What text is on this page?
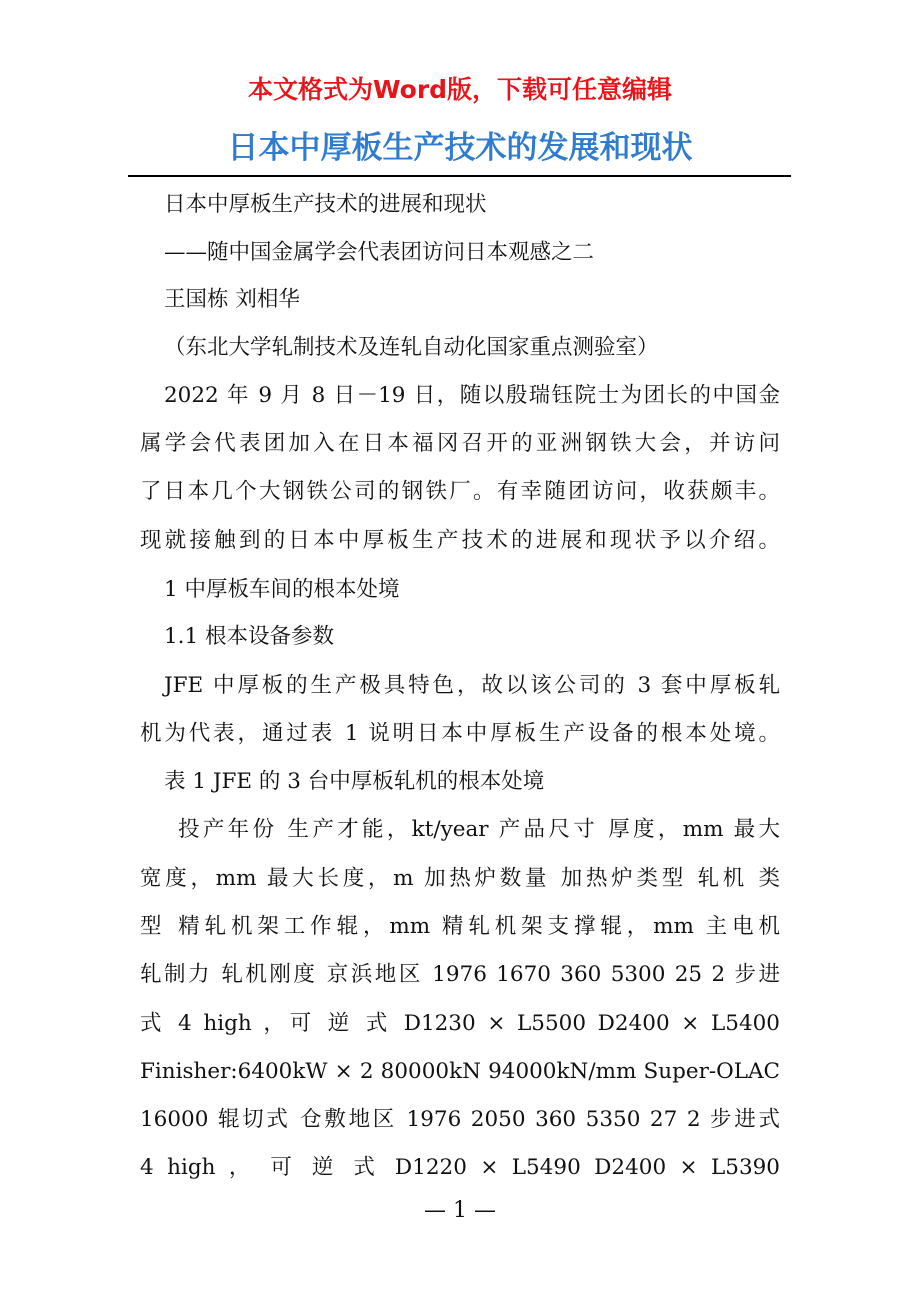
本文格式为Word版，下载可任意编辑
日本中厚板生产技术的发展和现状
日本中厚板生产技术的进展和现状
——随中国金属学会代表团访问日本观感之二
王国栋 刘相华
（东北大学轧制技术及连轧自动化国家重点测验室）
2022 年 9 月 8 日－19 日，随以殷瑞钰院士为团长的中国金
属学会代表团加入在日本福冈召开的亚洲钢铁大会，并访问
了日本几个大钢铁公司的钢铁厂。有幸随团访问，收获颇丰。
现就接触到的日本中厚板生产技术的进展和现状予以介绍。
1 中厚板车间的根本处境
1.1 根本设备参数
JFE 中厚板的生产极具特色，故以该公司的 3 套中厚板轧
机为代表，通过表 1 说明日本中厚板生产设备的根本处境。
表 1 JFE 的 3 台中厚板轧机的根本处境
投产年份 生产才能，kt/year 产品尺寸 厚度，mm 最大
宽度，mm 最大长度，m 加热炉数量 加热炉类型 轧机 类
型 精轧机架工作辊，mm 精轧机架支撑辊，mm 主电机
轧制力 轧机刚度 京浜地区 1976 1670 360 5300 25 2 步进
式 4 high ，可 逆 式 D1230 × L5500 D2400 × L5400
Finisher:6400kW × 2 80000kN 94000kN/mm Super-OLAC
16000 辊切式 仓敷地区 1976 2050 360 5350 27 2 步进式
4 high ， 可 逆 式 D1220 × L5490 D2400 × L5390
— 1 —
